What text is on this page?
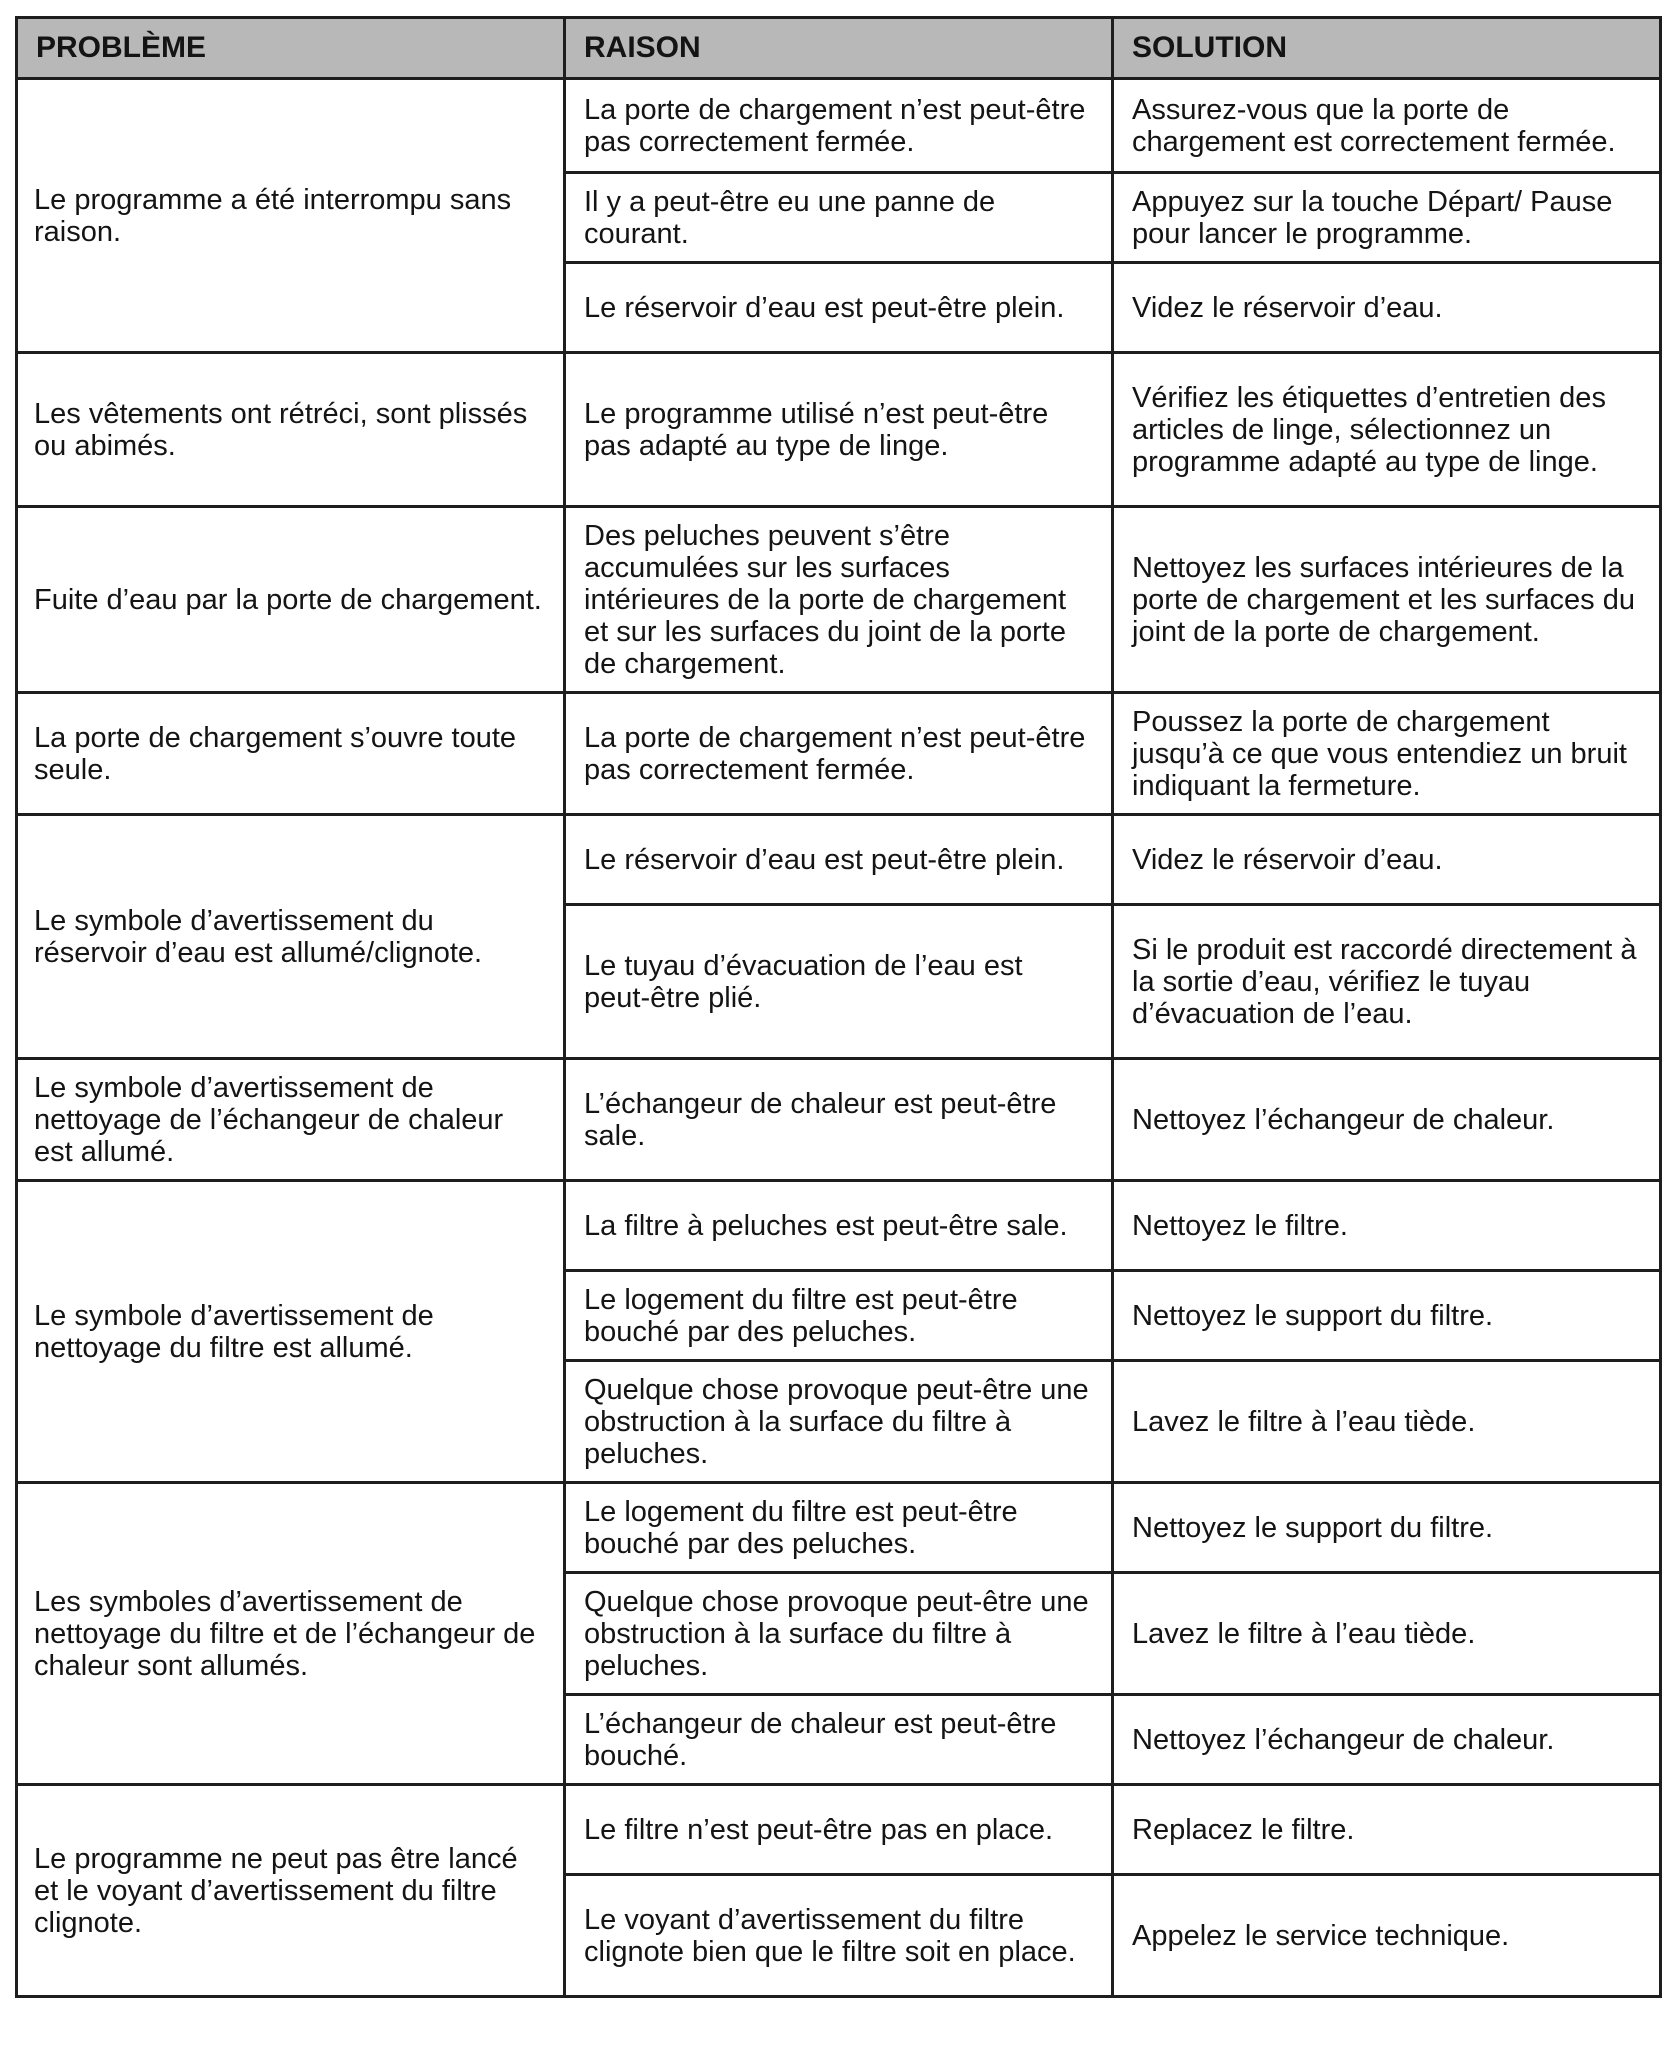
PROBLÈME	RAISON	SOLUTION
Le programme a été interrompu sans raison.	La porte de chargement n’est peut-être pas correctement fermée.	Assurez-vous que la porte de chargement est correctement fermée.
	Il y a peut-être eu une panne de courant.	Appuyez sur la touche Départ/ Pause pour lancer le programme.
	Le réservoir d’eau est peut-être plein.	Videz le réservoir d’eau.
Les vêtements ont rétréci, sont plissés ou abimés.	Le programme utilisé n’est peut-être pas adapté au type de linge.	Vérifiez les étiquettes d’entretien des articles de linge, sélectionnez un programme adapté au type de linge.
Fuite d’eau par la porte de chargement.	Des peluches peuvent s’être accumulées sur les surfaces intérieures de la porte de chargement et sur les surfaces du joint de la porte de chargement.	Nettoyez les surfaces intérieures de la porte de chargement et les surfaces du joint de la porte de chargement.
La porte de chargement s’ouvre toute seule.	La porte de chargement n’est peut-être pas correctement fermée.	Poussez la porte de chargement jusqu’à ce que vous entendiez un bruit indiquant la fermeture.
Le symbole d’avertissement du réservoir d’eau est allumé/clignote.	Le réservoir d’eau est peut-être plein.	Videz le réservoir d’eau.
	Le tuyau d’évacuation de l’eau est peut-être plié.	Si le produit est raccordé directement à la sortie d’eau, vérifiez le tuyau d’évacuation de l’eau.
Le symbole d’avertissement de nettoyage de l’échangeur de chaleur est allumé.	L’échangeur de chaleur est peut-être sale.	Nettoyez l’échangeur de chaleur.
Le symbole d’avertissement de nettoyage du filtre est allumé.	La filtre à peluches est peut-être sale.	Nettoyez le filtre.
	Le logement du filtre est peut-être bouché par des peluches.	Nettoyez le support du filtre.
	Quelque chose provoque peut-être une obstruction à la surface du filtre à peluches.	Lavez le filtre à l’eau tiède.
Les symboles d’avertissement de nettoyage du filtre et de l’échangeur de chaleur sont allumés.	Le logement du filtre est peut-être bouché par des peluches.	Nettoyez le support du filtre.
	Quelque chose provoque peut-être une obstruction à la surface du filtre à peluches.	Lavez le filtre à l’eau tiède.
	L’échangeur de chaleur est peut-être bouché.	Nettoyez l’échangeur de chaleur.
Le programme ne peut pas être lancé et le voyant d’avertissement du filtre clignote.	Le filtre n’est peut-être pas en place.	Replacez le filtre.
	Le voyant d’avertissement du filtre clignote bien que le filtre soit en place.	Appelez le service technique.
